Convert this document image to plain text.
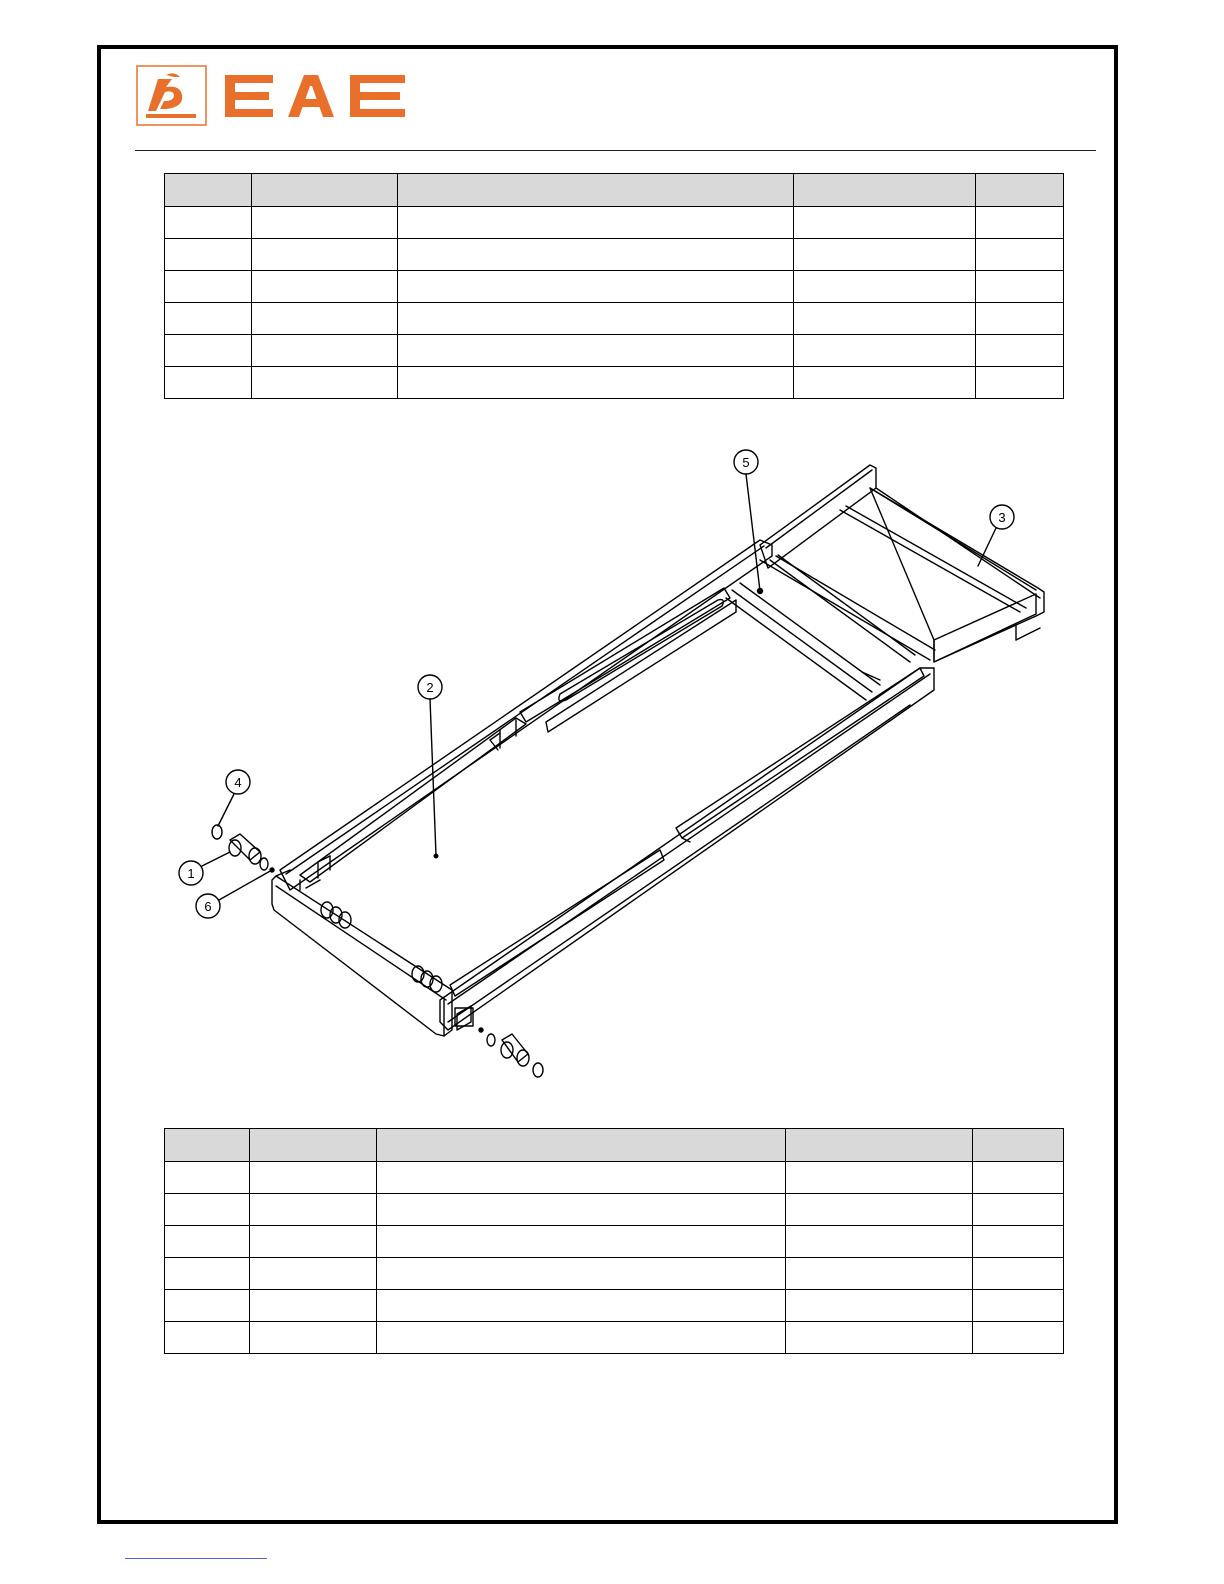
5
3
2
4
1
6
